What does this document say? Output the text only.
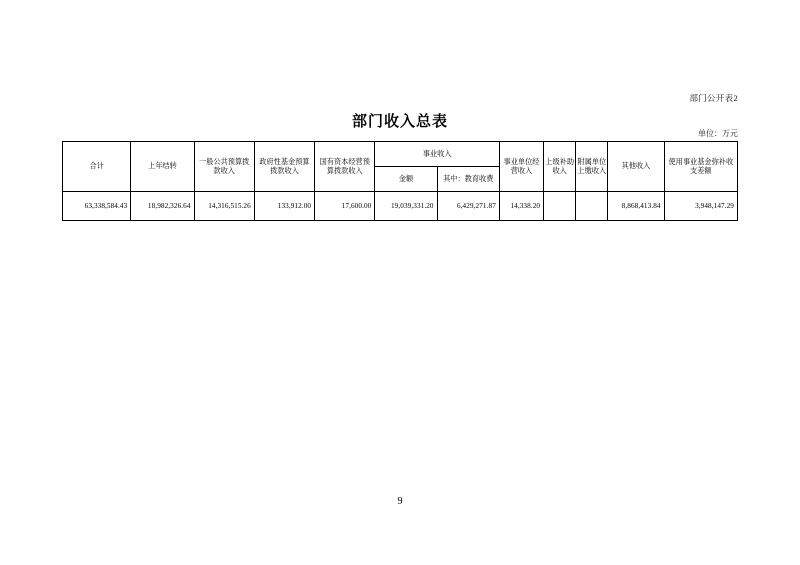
部门公开表2
部门收入总表
单位：万元
合计	上年结转	一般公共预算拨款收入	政府性基金预算拨款收入	国有资本经营预算拨款收入	事业收入		事业单位经营收入	上级补助收入	附属单位上缴收入	其他收入	使用事业基金弥补收支差额
					金额	其中：教育收费					
63,338,584.43	18,982,326.64	14,316,515.26	133,912.00	17,600.00	19,039,331.20	6,429,271.87	14,338.20			8,868,413.84	3,948,147.29
9
